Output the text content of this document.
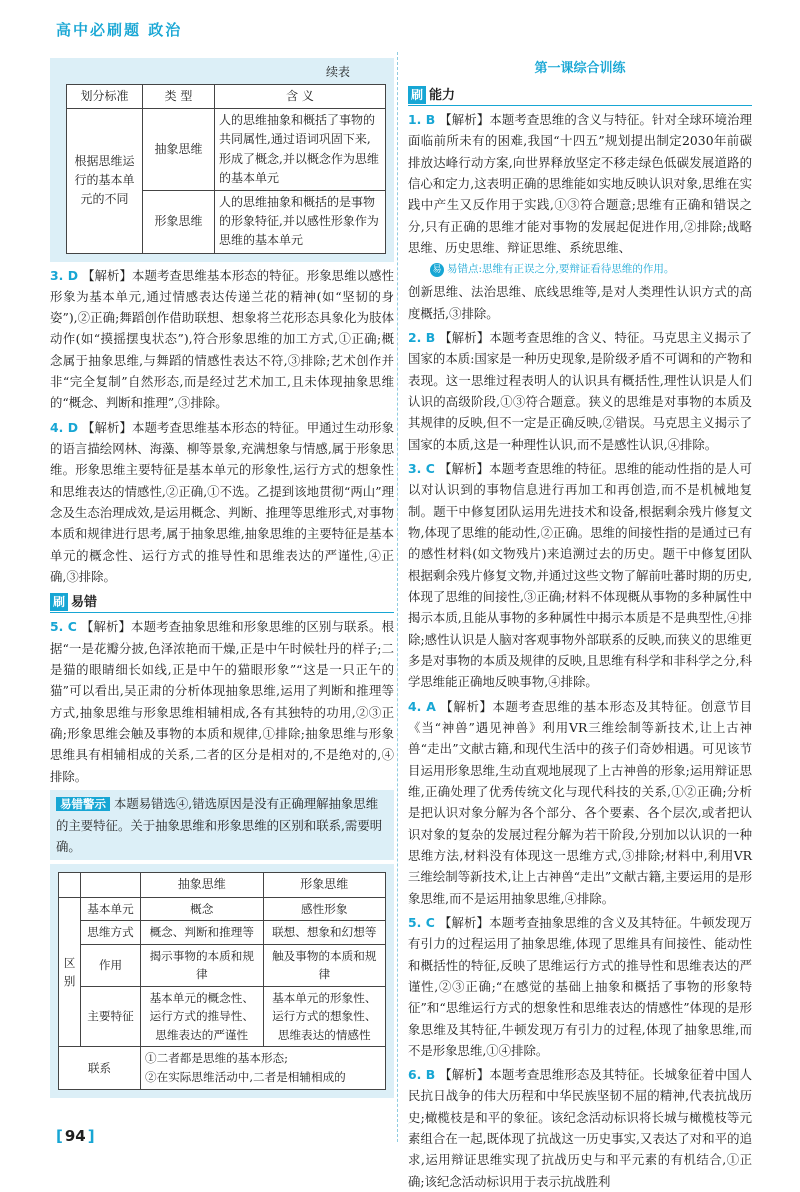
高中必刷题 政治
续表
划分标准	类 型	含 义
根据思维运行的基本单元的不同	抽象思维	人的思维抽象和概括了事物的共同属性,通过语词巩固下来,形成了概念,并以概念作为思维的基本单元
	形象思维	人的思维抽象和概括的是事物的形象特征,并以感性形象作为思维的基本单元

3. D 【解析】本题考查思维基本形态的特征。形象思维以感性形象为基本单元,通过情感表达传递兰花的精神(如“坚韧的身姿”),②正确;舞蹈创作借助联想、想象将兰花形态具象化为肢体动作(如“摸摇摆曳状态”),符合形象思维的加工方式,①正确;概念属于抽象思维,与舞蹈的情感性表达不符,③排除;艺术创作并非“完全复制”自然形态,而是经过艺术加工,且未体现抽象思维的“概念、判断和推理”,③排除。

4. D 【解析】本题考查思维基本形态的特征。甲通过生动形象的语言描绘网林、海藻、柳等景象,充满想象与情感,属于形象思维。形象思维主要特征是基本单元的形象性,运行方式的想象性和思维表达的情感性,②正确,①不选。乙提到该地贯彻“两山”理念及生态治理成效,是运用概念、判断、推理等思维形式,对事物本质和规律进行思考,属于抽象思维,抽象思维的主要特征是基本单元的概念性、运行方式的推导性和思维表达的严谨性,④正确,③排除。

刷 易错

5. C 【解析】本题考查抽象思维和形象思维的区别与联系。根据“一是花瓣分披,色泽浓艳而干燥,正是中午时候牡丹的样子;二是猫的眼睛细长如线,正是中午的猫眼形象”“这是一只正午的猫”可以看出,吴正肃的分析体现抽象思维,运用了判断和推理等方式,抽象思维与形象思维相辅相成,各有其独特的功用,②③正确;形象思维会触及事物的本质和规律,①排除;抽象思维与形象思维具有相辅相成的关系,二者的区分是相对的,不是绝对的,④排除。

易错警示 本题易错选④,错选原因是没有正确理解抽象思维的主要特征。关于抽象思维和形象思维的区别和联系,需要明确。
		抽象思维	形象思维
区别	基本单元	概念	感性形象
	思维方式	概念、判断和推理等	联想、想象和幻想等
	作用	揭示事物的本质和规律	触及事物的本质和规律
	主要特征	基本单元的概念性、运行方式的推导性、思维表达的严谨性	基本单元的形象性、运行方式的想象性、思维表达的情感性
联系		①二者都是思维的基本形态;
②在实际思维活动中,二者是相辅相成的	
第一课综合训练
刷 能力

1. B 【解析】本题考查思维的含义与特征。针对全球环境治理面临前所未有的困难,我国“十四五”规划提出制定2030年前碳排放达峰行动方案,向世界释放坚定不移走绿色低碳发展道路的信心和定力,这表明正确的思维能如实地反映认识对象,思维在实践中产生又反作用于实践,①③符合题意;思维有正确和错误之分,只有正确的思维才能对事物的发展起促进作用,②排除;战略思维、历史思维、辩证思维、系统思维、

易 易错点:思维有正误之分,要辩证看待思维的作用。

创新思维、法治思维、底线思维等,是对人类理性认识方式的高度概括,③排除。

2. B 【解析】本题考查思维的含义、特征。马克思主义揭示了国家的本质:国家是一种历史现象,是阶级矛盾不可调和的产物和表现。这一思维过程表明人的认识具有概括性,理性认识是人们认识的高级阶段,①③符合题意。狭义的思维是对事物的本质及其规律的反映,但不一定是正确反映,②错误。马克思主义揭示了国家的本质,这是一种理性认识,而不是感性认识,④排除。

3. C 【解析】本题考查思维的特征。思维的能动性指的是人可以对认识到的事物信息进行再加工和再创造,而不是机械地复制。题干中修复团队运用先进技术和设备,根据剩余残片修复文物,体现了思维的能动性,②正确。思维的间接性指的是通过已有的感性材料(如文物残片)来追溯过去的历史。题干中修复团队根据剩余残片修复文物,并通过这些文物了解前吐蕃时期的历史,体现了思维的间接性,③正确;材料不体现概从事物的多种属性中揭示本质,且能从事物的多种属性中揭示本质是不是典型性,④排除;感性认识是人脑对客观事物外部联系的反映,而狭义的思维更多是对事物的本质及规律的反映,且思维有科学和非科学之分,科学思维能正确地反映事物,④排除。

4. A 【解析】本题考查思维的基本形态及其特征。创意节目《当“神兽”遇见神兽》利用VR三维绘制等新技术,让上古神兽“走出”文献古籍,和现代生活中的孩子们奇妙相遇。可见该节目运用形象思维,生动直观地展现了上古神兽的形象;运用辩证思维,正确处理了优秀传统文化与现代科技的关系,①②正确;分析是把认识对象分解为各个部分、各个要素、各个层次,或者把认识对象的复杂的发展过程分解为若干阶段,分别加以认识的一种思维方法,材料没有体现这一思维方式,③排除;材料中,利用VR三维绘制等新技术,让上古神兽“走出”文献古籍,主要运用的是形象思维,而不是运用抽象思维,④排除。

5. C 【解析】本题考查抽象思维的含义及其特征。牛顿发现万有引力的过程运用了抽象思维,体现了思维具有间接性、能动性和概括性的特征,反映了思维运行方式的推导性和思维表达的严谨性,②③正确;“在感觉的基础上抽象和概括了事物的形象特征”和“思维运行方式的想象性和思维表达的情感性”体现的是形象思维及其特征,牛顿发现万有引力的过程,体现了抽象思维,而不是形象思维,①④排除。

6. B 【解析】本题考查思维形态及其特征。长城象征着中国人民抗日战争的伟大历程和中华民族坚韧不屈的精神,代表抗战历史;橄榄枝是和平的象征。该纪念活动标识将长城与橄榄枝等元素组合在一起,既体现了抗战这一历史事实,又表达了对和平的追求,运用辩证思维实现了抗战历史与和平元素的有机结合,①正确;该纪念活动标识用于表示抗战胜利

[ 94 ]
